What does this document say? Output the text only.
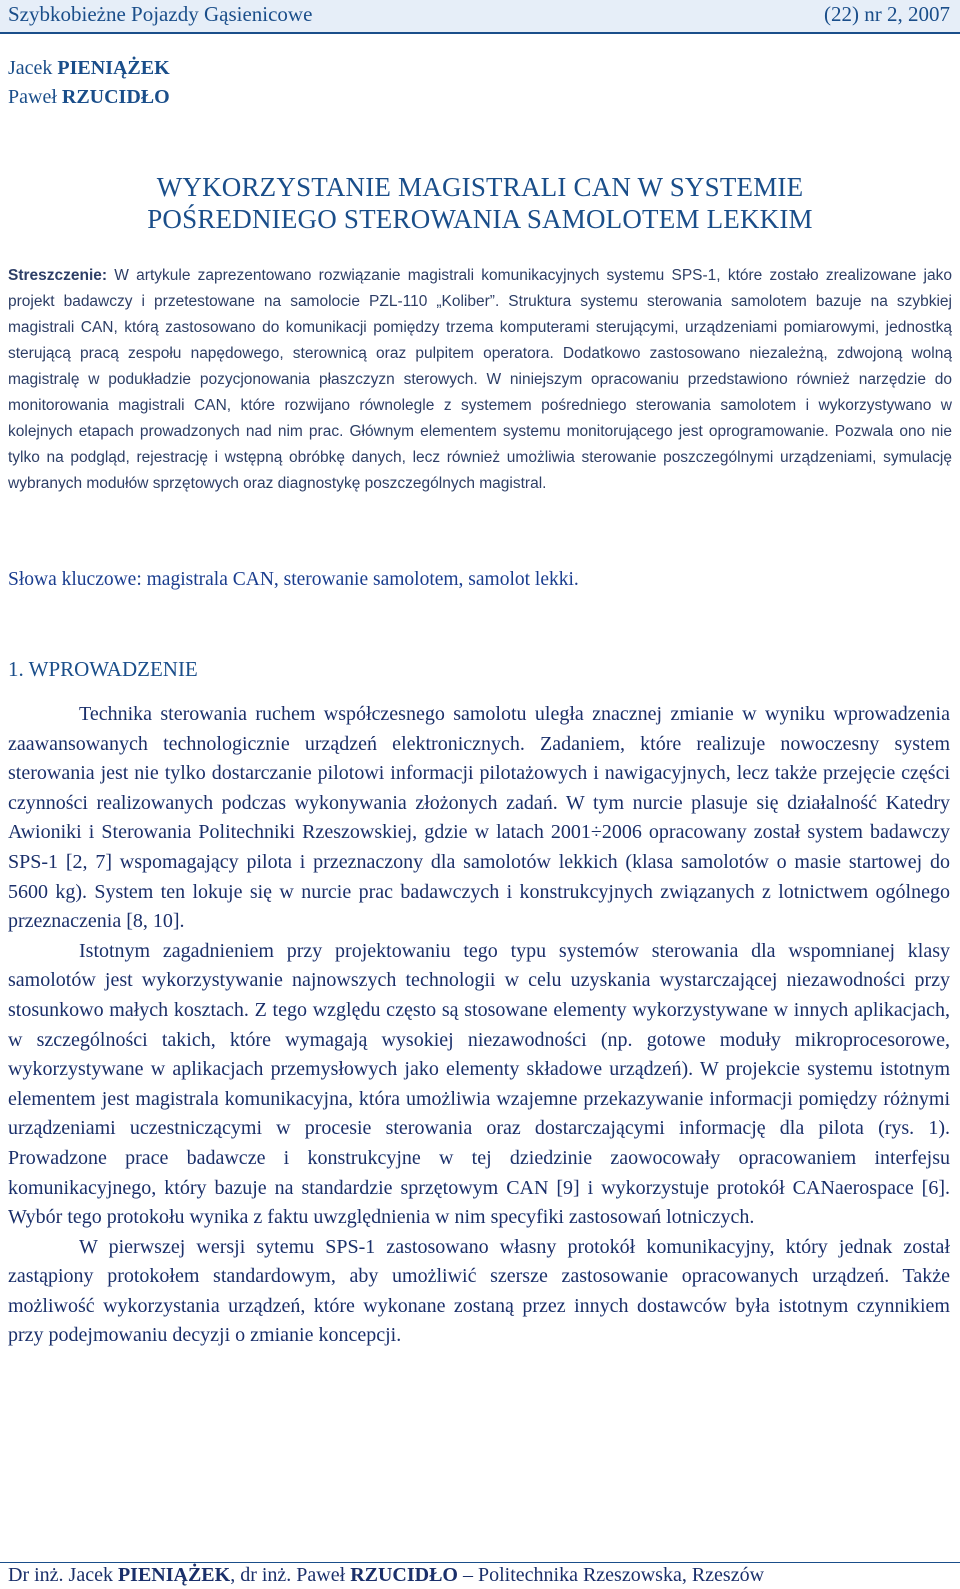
Szybkobieżne Pojazdy Gąsienicowe	(22) nr 2, 2007
Jacek PIENIĄŻEK
Paweł RZUCIDŁO
WYKORZYSTANIE MAGISTRALI CAN W SYSTEMIE
POŚREDNIEGO STEROWANIA SAMOLOTEM LEKKIM
Streszczenie: W artykule zaprezentowano rozwiązanie magistrali komunikacyjnych systemu SPS-1, które zostało zrealizowane jako projekt badawczy i przetestowane na samolocie PZL-110 „Koliber”. Struktura systemu sterowania samolotem bazuje na szybkiej magistrali CAN, którą zastosowano do komunikacji pomiędzy trzema komputerami sterującymi, urządzeniami pomiarowymi, jednostką sterującą pracą zespołu napędowego, sterownicą oraz pulpitem operatora. Dodatkowo zastosowano niezależną, zdwojoną wolną magistralę w podukładzie pozycjonowania płaszczyzn sterowych. W niniejszym opracowaniu przedstawiono również narzędzie do monitorowania magistrali CAN, które rozwijano równolegle z systemem pośredniego sterowania samolotem i wykorzystywano w kolejnych etapach prowadzonych nad nim prac. Głównym elementem systemu monitorującego jest oprogramowanie. Pozwala ono nie tylko na podgląd, rejestrację i wstępną obróbkę danych, lecz również umożliwia sterowanie poszczególnymi urządzeniami, symulację wybranych modułów sprzętowych oraz diagnostykę poszczególnych magistral.
Słowa kluczowe: magistrala CAN, sterowanie samolotem, samolot lekki.
1. WPROWADZENIE

Technika sterowania ruchem współczesnego samolotu uległa znacznej zmianie w wyniku wprowadzenia zaawansowanych technologicznie urządzeń elektronicznych. Zadaniem, które realizuje nowoczesny system sterowania jest nie tylko dostarczanie pilotowi informacji pilotażowych i nawigacyjnych, lecz także przejęcie części czynności realizowanych podczas wykonywania złożonych zadań. W tym nurcie plasuje się działalność Katedry Awioniki i Sterowania Politechniki Rzeszowskiej, gdzie w latach 2001÷2006 opracowany został system badawczy SPS-1 [2, 7] wspomagający pilota i przeznaczony dla samolotów lekkich (klasa samolotów o masie startowej do 5600 kg). System ten lokuje się w nurcie prac badawczych i konstrukcyjnych związanych z lotnictwem ogólnego przeznaczenia [8, 10].

Istotnym zagadnieniem przy projektowaniu tego typu systemów sterowania dla wspomnianej klasy samolotów jest wykorzystywanie najnowszych technologii w celu uzyskania wystarczającej niezawodności przy stosunkowo małych kosztach. Z tego względu często są stosowane elementy wykorzystywane w innych aplikacjach, w szczególności takich, które wymagają wysokiej niezawodności (np. gotowe moduły mikroprocesorowe, wykorzystywane w aplikacjach przemysłowych jako elementy składowe urządzeń). W projekcie systemu istotnym elementem jest magistrala komunikacyjna, która umożliwia wzajemne przekazywanie informacji pomiędzy różnymi urządzeniami uczestniczącymi w procesie sterowania oraz dostarczającymi informację dla pilota (rys. 1). Prowadzone prace badawcze i konstrukcyjne w tej dziedzinie zaowocowały opracowaniem interfejsu komunikacyjnego, który bazuje na standardzie sprzętowym CAN [9] i wykorzystuje protokół CANaerospace [6]. Wybór tego protokołu wynika z faktu uwzględnienia w nim specyfiki zastosowań lotniczych.

W pierwszej wersji sytemu SPS-1 zastosowano własny protokół komunikacyjny, który jednak został zastąpiony protokołem standardowym, aby umożliwić szersze zastosowanie opracowanych urządzeń. Także możliwość wykorzystania urządzeń, które wykonane zostaną przez innych dostawców była istotnym czynnikiem przy podejmowaniu decyzji o zmianie koncepcji.

Dr inż. Jacek PIENIĄŻEK, dr inż. Paweł RZUCIDŁO – Politechnika Rzeszowska, Rzeszów
